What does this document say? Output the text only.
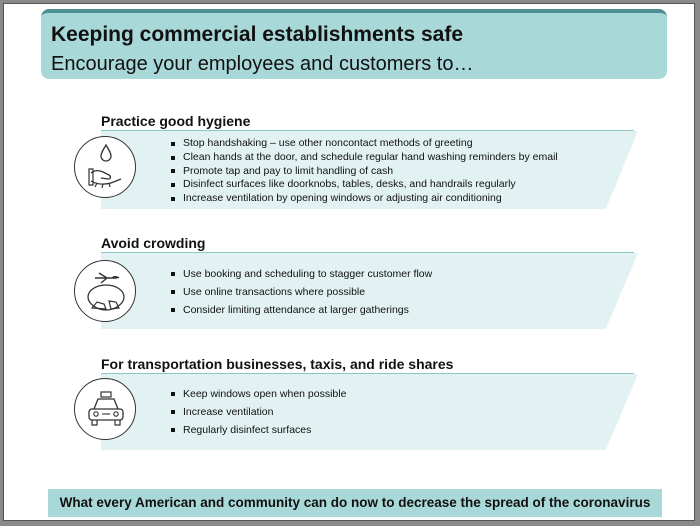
Keeping commercial establishments safe
Encourage your employees and customers to…
Practice good hygiene
Stop handshaking – use other noncontact methods of greeting
Clean hands at the door, and schedule regular hand washing reminders by email
Promote tap and pay to limit handling of cash
Disinfect surfaces like doorknobs, tables, desks, and handrails regularly
Increase ventilation by opening windows or adjusting air conditioning
Avoid crowding
Use booking and scheduling to stagger customer flow
Use online transactions where possible
Consider limiting attendance at larger gatherings
For transportation businesses, taxis, and ride shares
Keep windows open when possible
Increase ventilation
Regularly disinfect surfaces
What every American and community can do now to decrease the spread of the coronavirus
